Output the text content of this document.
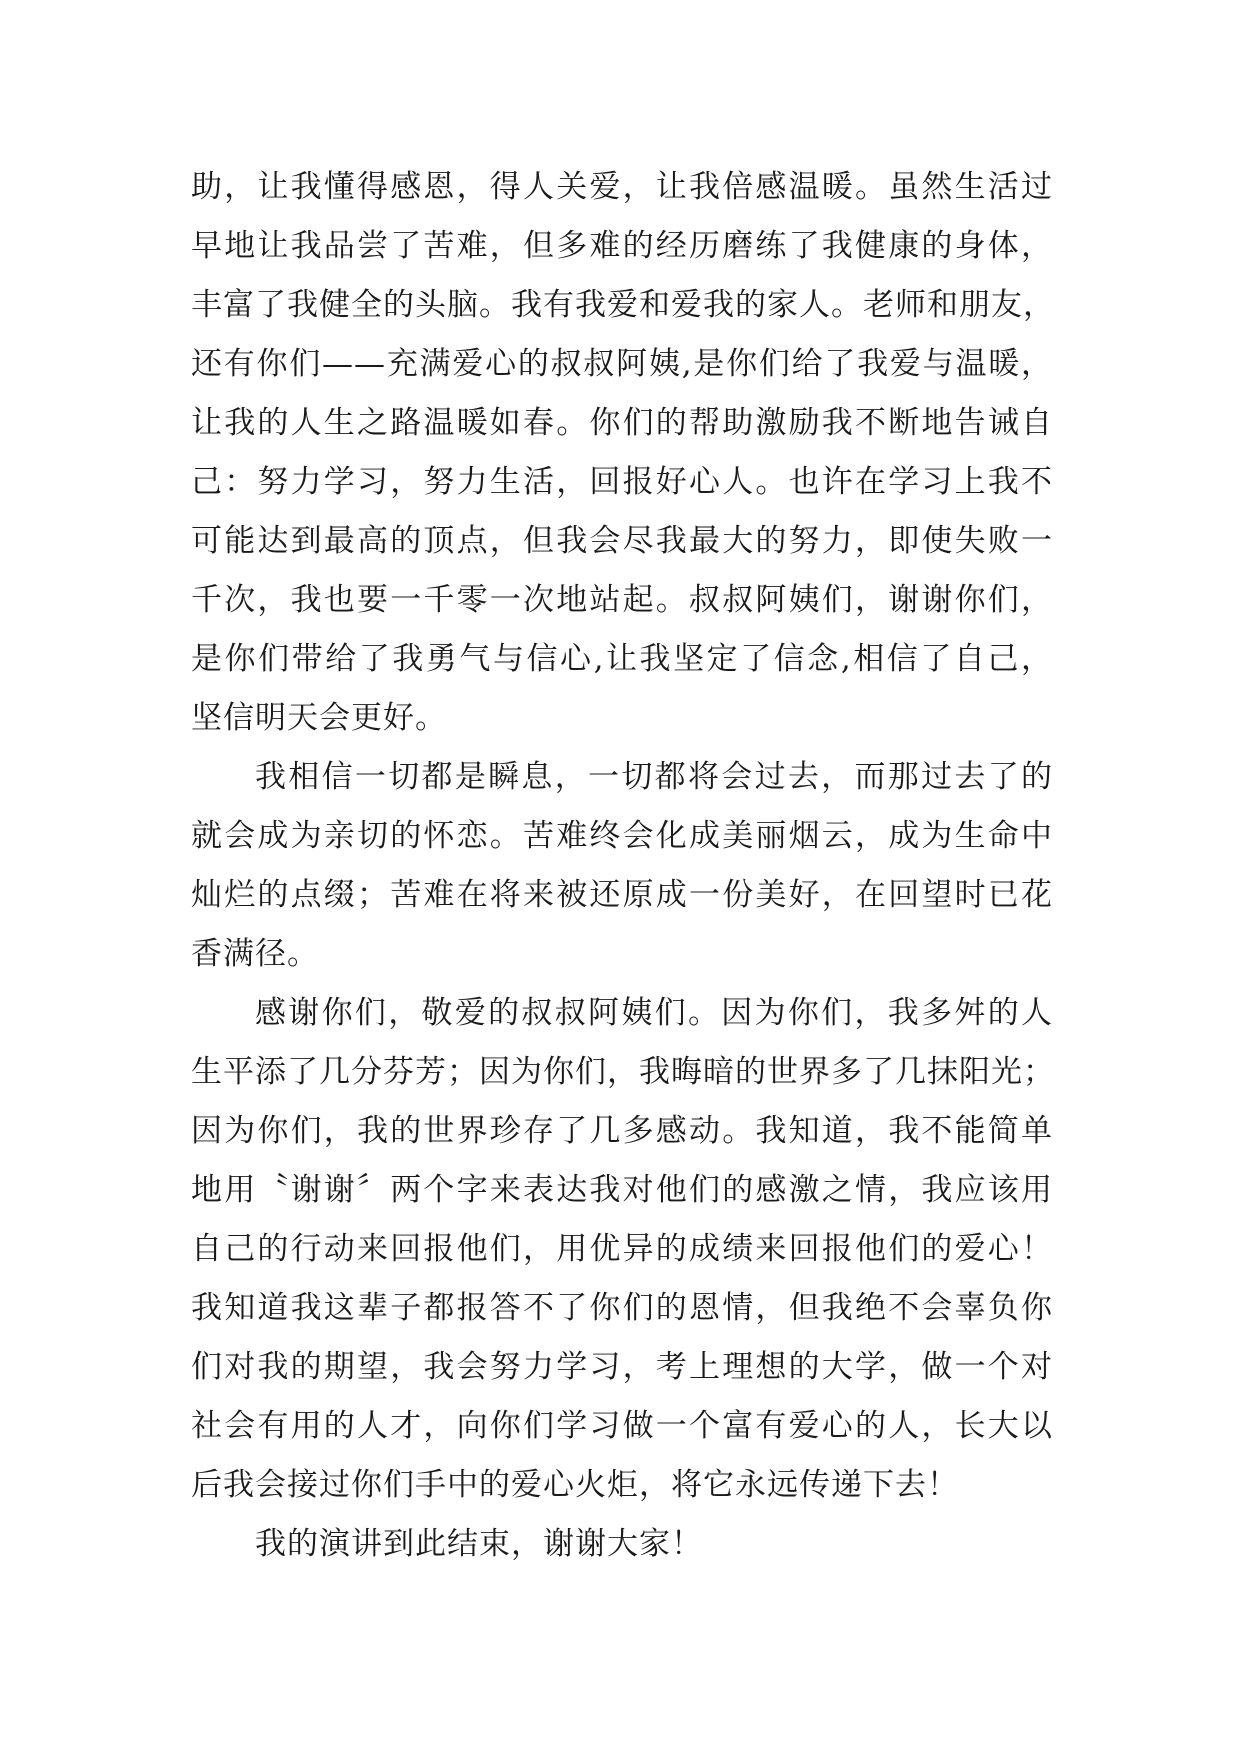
助，让我懂得感恩，得人关爱，让我倍感温暖。虽然生活过
早地让我品尝了苦难，但多难的经历磨练了我健康的身体，
丰富了我健全的头脑。我有我爱和爱我的家人。老师和朋友，
还有你们——充满爱心的叔叔阿姨,是你们给了我爱与温暖，
让我的人生之路温暖如春。你们的帮助激励我不断地告诫自
己：努力学习，努力生活，回报好心人。也许在学习上我不
可能达到最高的顶点，但我会尽我最大的努力，即使失败一
千次，我也要一千零一次地站起。叔叔阿姨们，谢谢你们，
是你们带给了我勇气与信心,让我坚定了信念,相信了自己，
坚信明天会更好。
我相信一切都是瞬息，一切都将会过去，而那过去了的
就会成为亲切的怀恋。苦难终会化成美丽烟云，成为生命中
灿烂的点缀；苦难在将来被还原成一份美好，在回望时已花
香满径。
感谢你们，敬爱的叔叔阿姨们。因为你们，我多舛的人
生平添了几分芬芳；因为你们，我晦暗的世界多了几抹阳光；
因为你们，我的世界珍存了几多感动。我知道，我不能简单
地用〝谢谢〞两个字来表达我对他们的感激之情，我应该用
自己的行动来回报他们，用优异的成绩来回报他们的爱心！
我知道我这辈子都报答不了你们的恩情，但我绝不会辜负你
们对我的期望，我会努力学习，考上理想的大学，做一个对
社会有用的人才，向你们学习做一个富有爱心的人，长大以
后我会接过你们手中的爱心火炬，将它永远传递下去！
我的演讲到此结束，谢谢大家！
